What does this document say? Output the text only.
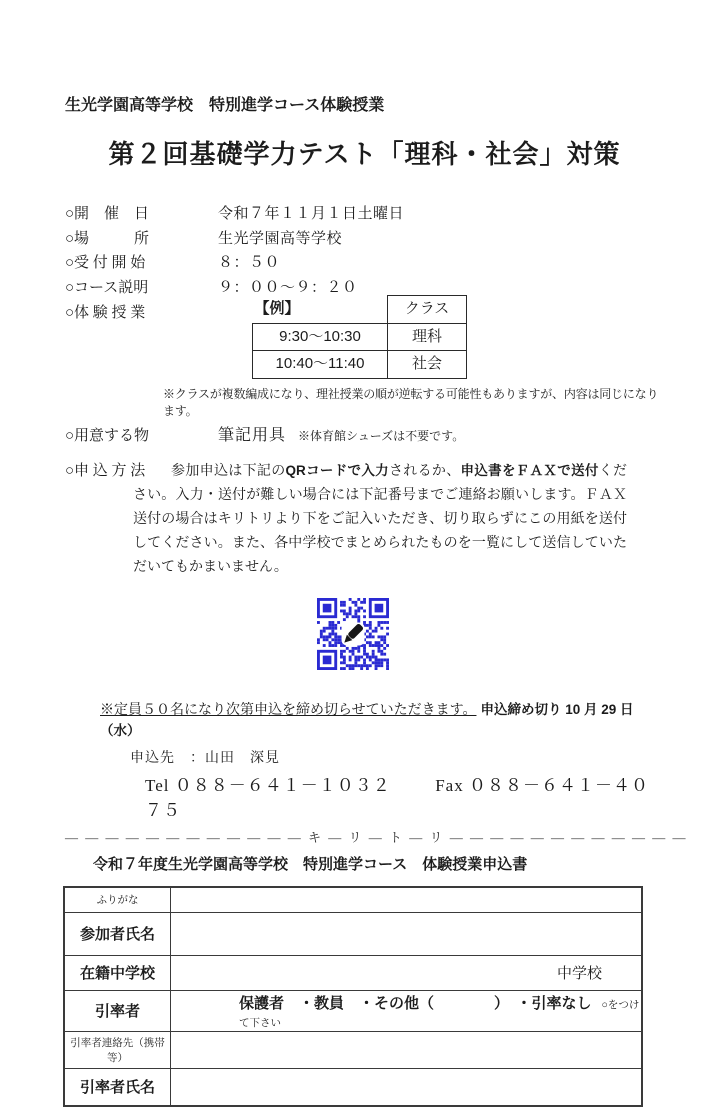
生光学園高等学校　特別進学コース体験授業
第２回基礎学力テスト「理科・社会」対策
○開　催　日	令和７年１１月１日土曜日
○場　　　所	生光学園高等学校
○受 付 開 始	８：５０
○コース説明	９：００～９：２０
○体 験 授 業	【例】	クラス
9:30～10:30	理科
10:40～11:40	社会
※クラスが複数編成になり、理社授業の順が逆転する可能性もありますが、内容は同じになります。
○用意する物	筆記用具 ※体育館シューズは不要です。
○申 込 方 法	参加申込は下記のQRコードで入力されるか、申込書をＦＡＸで送付ください。入力・送付が難しい場合には下記番号までご連絡お願いします。ＦＡＸ送付の場合はキリトリより下をご記入いただき、切り取らずにこの用紙を送付してください。また、各中学校でまとめられたものを一覧にして送信していただいてもかまいません。

※定員５０名になり次第申込を締め切らせていただきます。 申込締め切り 10 月 29 日（水）
申込先　：山田　深見
Tel ０８８－６４１－１０３２	Fax ０８８－６４１－４０７５
— — — — — — — — — — — — キ — リ — ト — リ — — — — — — — — — — — —
令和７年度生光学園高等学校　特別進学コース　体験授業申込書
ふりがな	
参加者氏名	
在籍中学校	中学校

引率者	保護者　・教員　・その他（　　　　）　・引率なし ○をつけて下さい
引率者連絡先（携帯等）	
引率者氏名	
